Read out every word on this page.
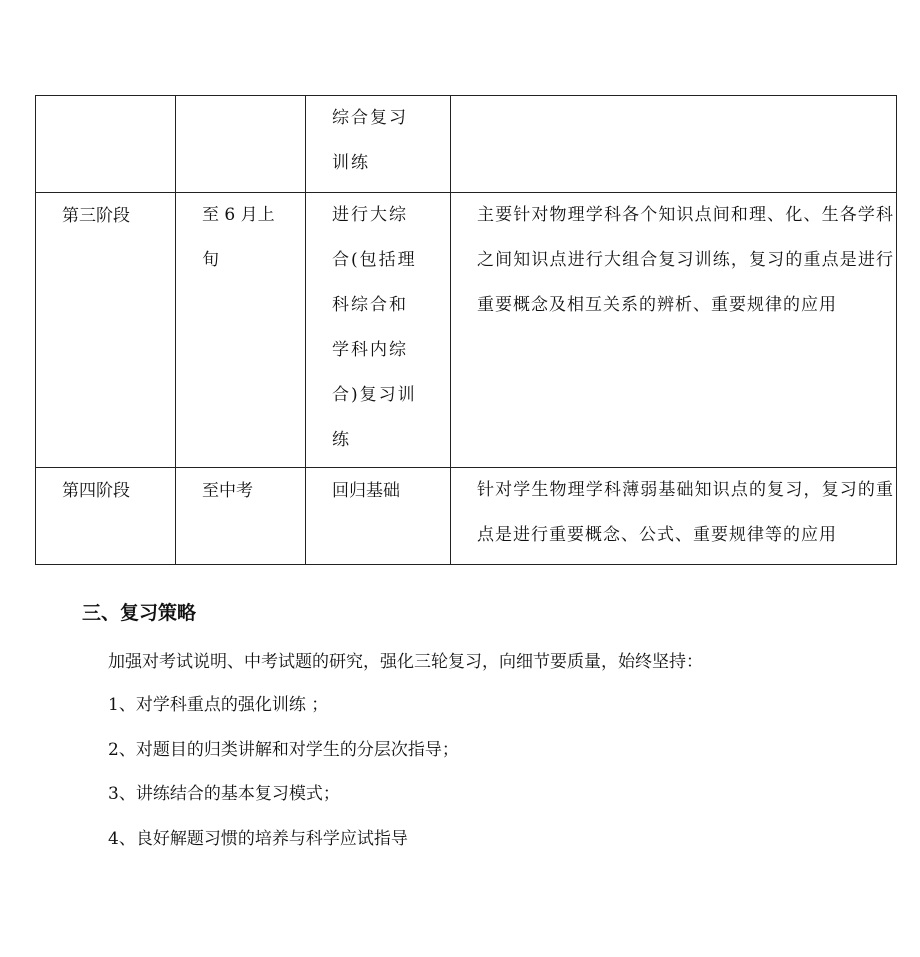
		综合复习训练	

第三阶段	至 6 月上旬	进行大综合(包括理科综合和学科内综合)复习训练	主要针对物理学科各个知识点间和理、化、生各学科之间知识点进行大组合复习训练，复习的重点是进行重要概念及相互关系的辨析、重要规律的应用
第四阶段	至中考	回归基础	针对学生物理学科薄弱基础知识点的复习，复习的重点是进行重要概念、公式、重要规律等的应用
三、复习策略

加强对考试说明、中考试题的研究，强化三轮复习，向细节要质量，始终坚持：

1、对学科重点的强化训练 ；

2、对题目的归类讲解和对学生的分层次指导；

3、讲练结合的基本复习模式；

4、良好解题习惯的培养与科学应试指导
